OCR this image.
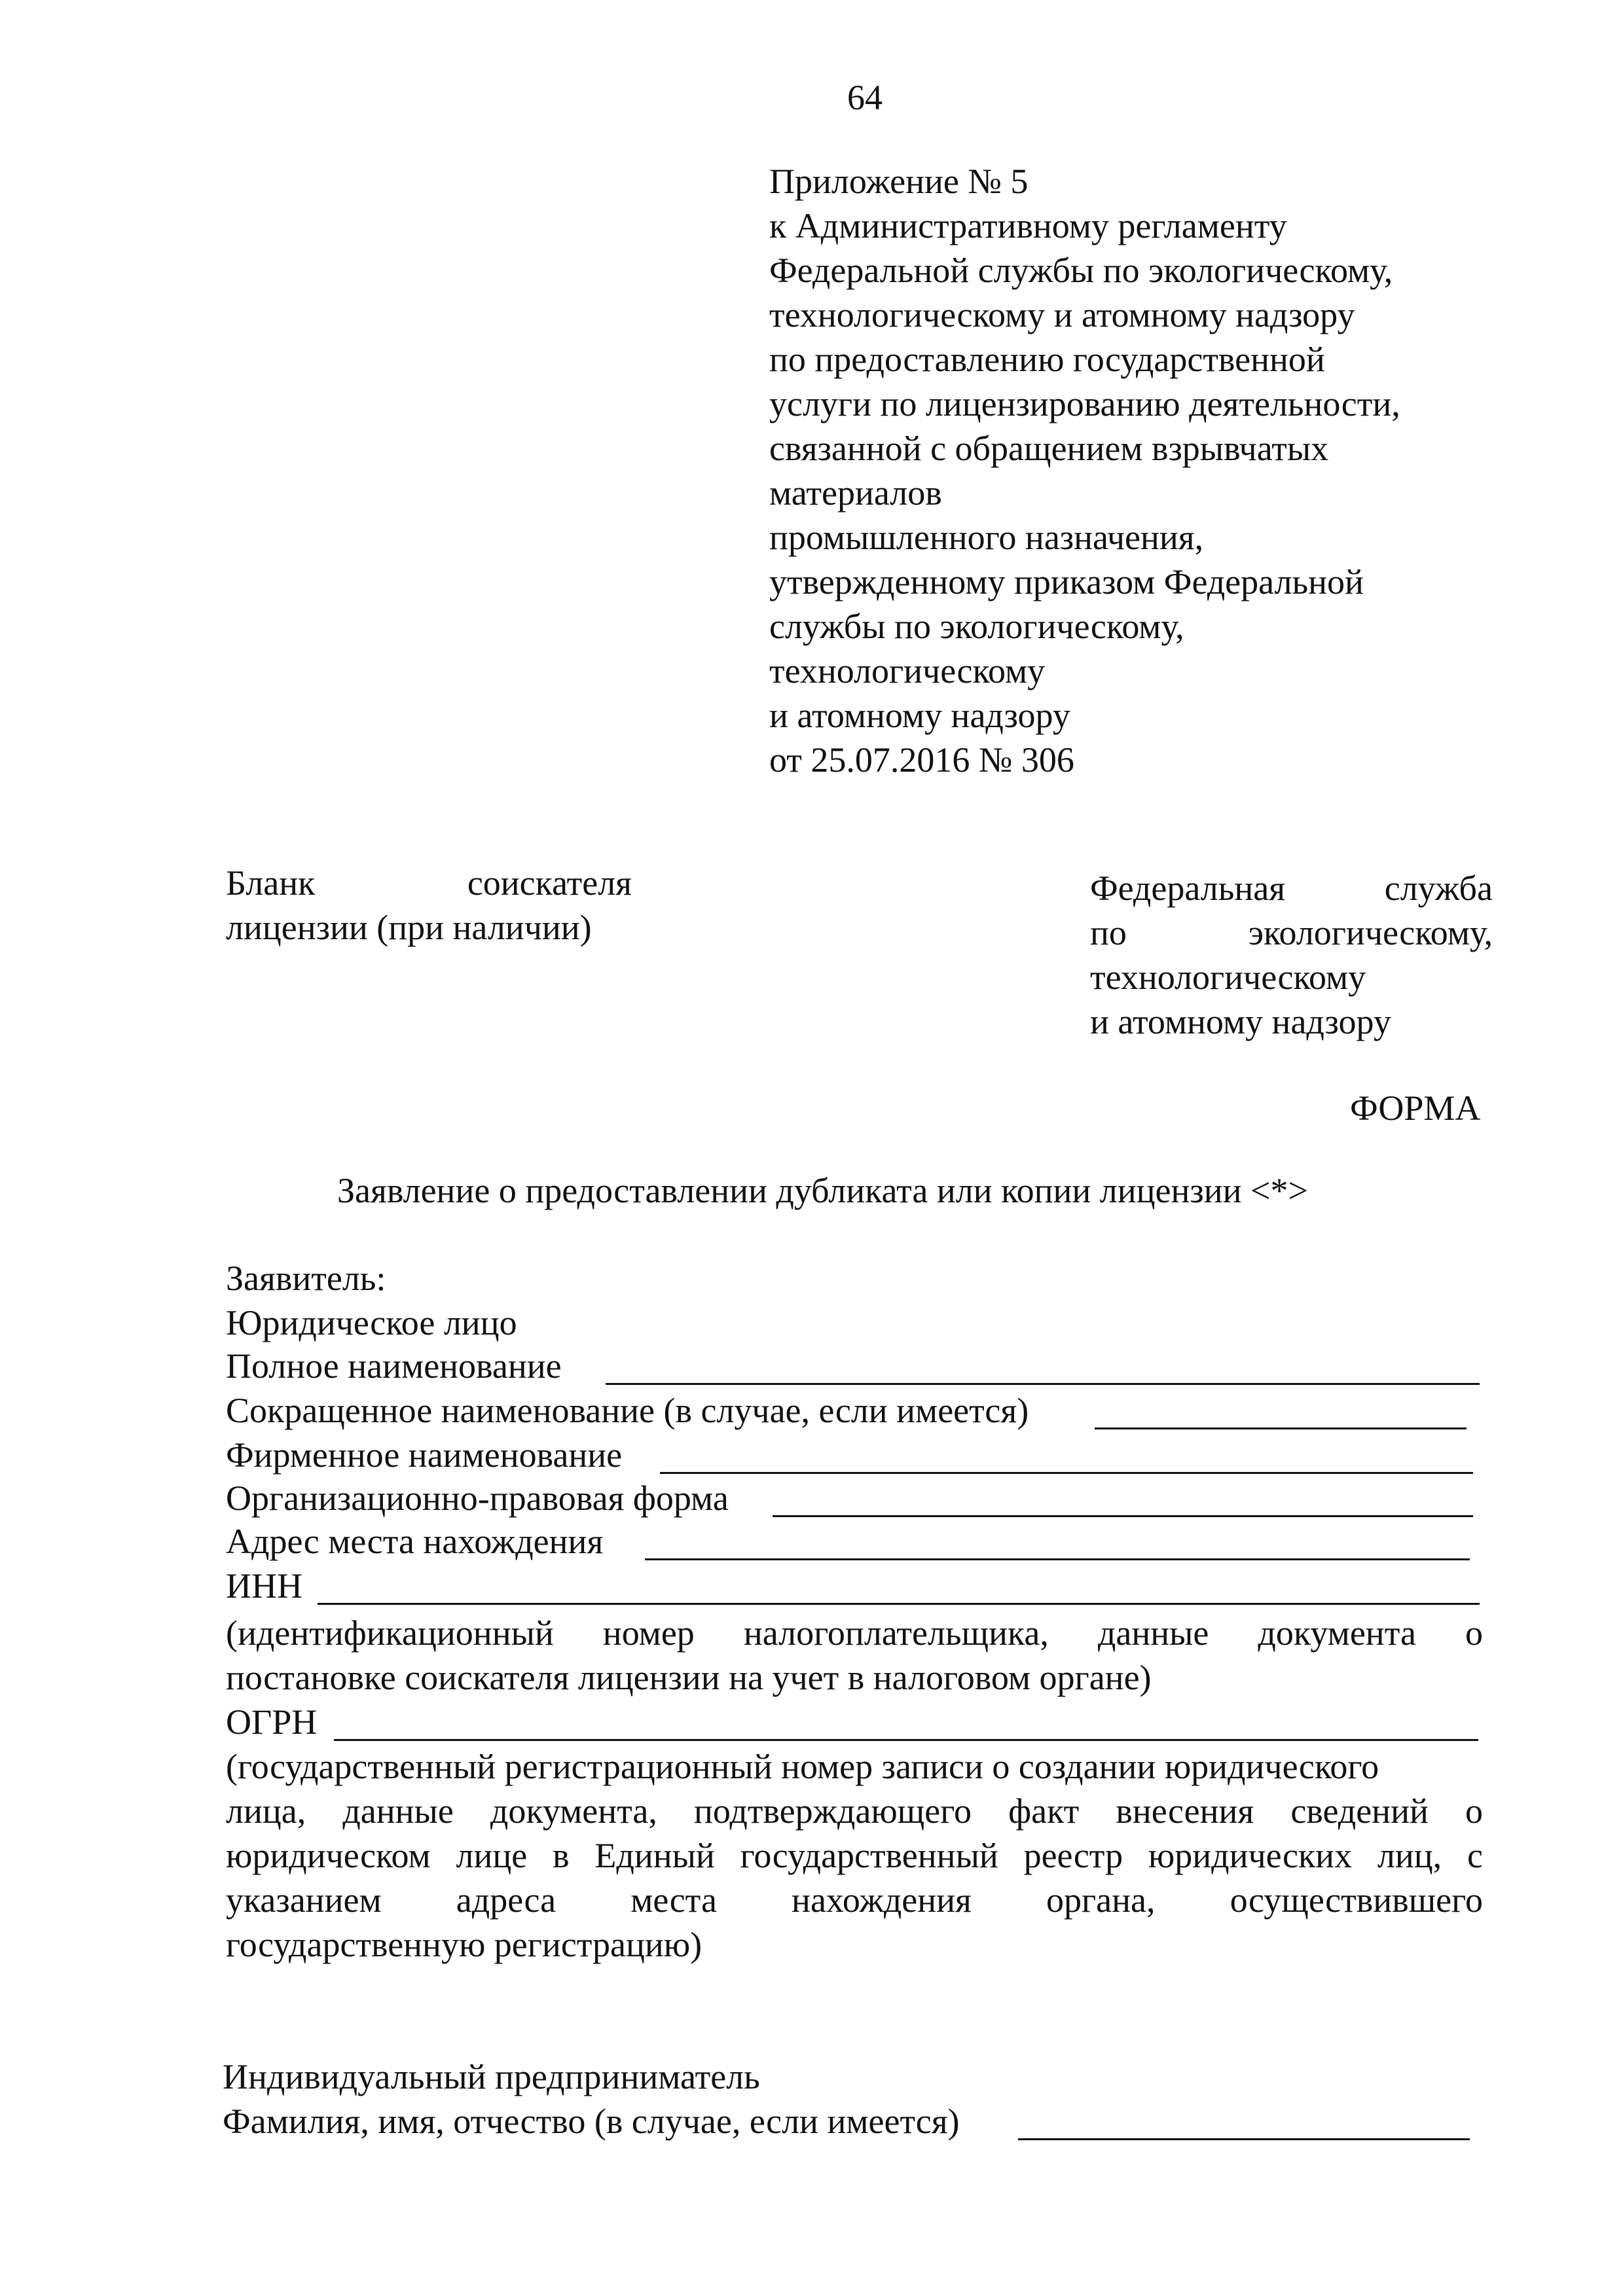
64
Приложение № 5
к Административному регламенту
Федеральной службы по экологическому,
технологическому и атомному надзору
по предоставлению государственной
услуги по лицензированию деятельности,
связанной с обращением взрывчатых
материалов
промышленного назначения,
утвержденному приказом Федеральной
службы по экологическому,
технологическому
и атомному надзору
от 25.07.2016 № 306
Бланк	соискателя
лицензии (при наличии)
Федеральная	служба
по	экологическому,
технологическому
и атомному надзору
ФОРМА
Заявление о предоставлении дубликата или копии лицензии <*>
Заявитель:
Юридическое лицо
Полное наименование
Сокращенное наименование (в случае, если имеется)
Фирменное наименование
Организационно-правовая форма
Адрес места нахождения
ИНН
(идентификационный номер налогоплательщика, данные документа о
постановке соискателя лицензии на учет в налоговом органе)
ОГРН
(государственный регистрационный номер записи о создании юридического
лица, данные документа, подтверждающего факт внесения сведений о
юридическом лице в Единый государственный реестр юридических лиц, с
указанием адреса места нахождения органа, осуществившего
государственную регистрацию)
Индивидуальный предприниматель
Фамилия, имя, отчество (в случае, если имеется)
